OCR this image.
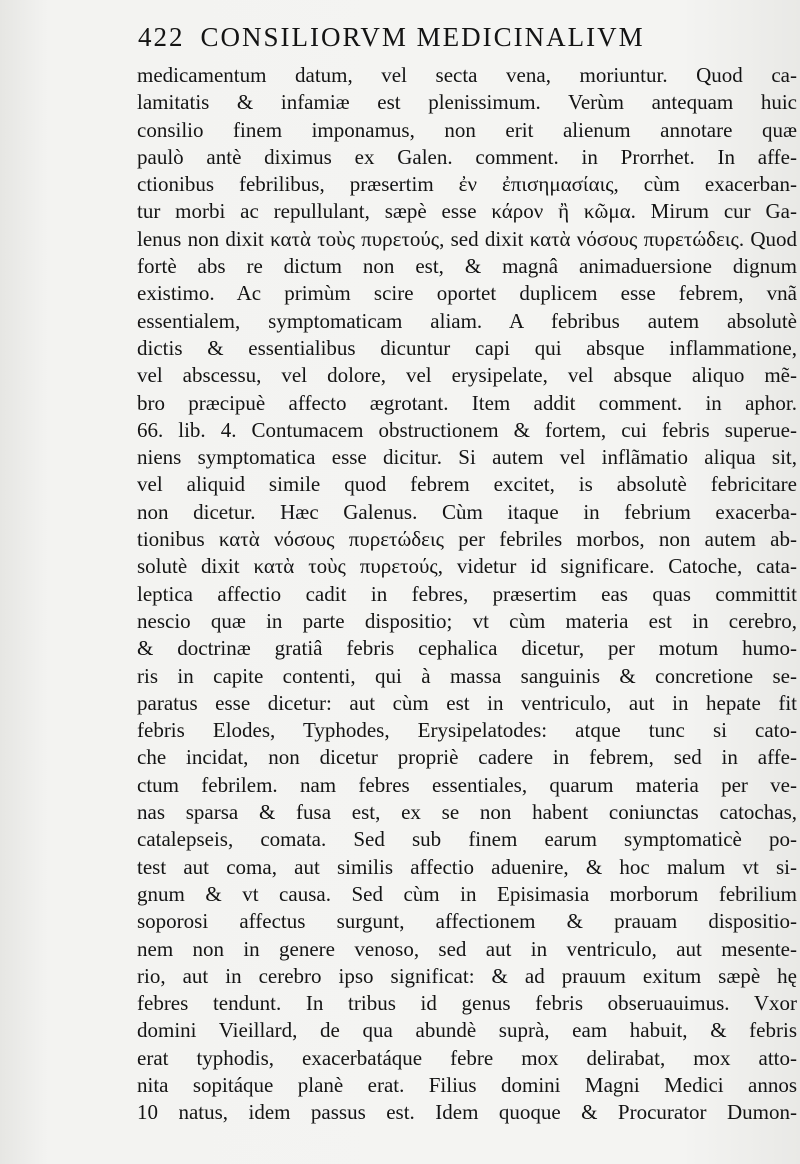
422 CONSILIORVM MEDICINALIVM
medicamentum datum, vel secta vena, moriuntur. Quod ca-
lamitatis & infamiæ est plenissimum. Verùm antequam huic
consilio finem imponamus, non erit alienum annotare quæ
paulò antè diximus ex Galen. comment. in Prorrhet. In affe-
ctionibus febrilibus, præsertim ἐν ἐπισημασίαις, cùm exacerban-
tur morbi ac repullulant, sæpè esse κάρον ἢ κῶμα. Mirum cur Ga-
lenus non dixit κατὰ τοὺς πυρετούς, sed dixit κατὰ νόσους πυρετώδεις. Quod
fortè abs re dictum non est, & magnâ animaduersione dignum
existimo. Ac primùm scire oportet duplicem esse febrem, vnã
essentialem, symptomaticam aliam. A febribus autem absolutè
dictis & essentialibus dicuntur capi qui absque inflammatione,
vel abscessu, vel dolore, vel erysipelate, vel absque aliquo mẽ-
bro præcipuè affecto ægrotant. Item addit comment. in aphor.
66. lib. 4. Contumacem obstructionem & fortem, cui febris superue-
niens symptomatica esse dicitur. Si autem vel inflãmatio aliqua sit,
vel aliquid simile quod febrem excitet, is absolutè febricitare
non dicetur. Hæc Galenus. Cùm itaque in febrium exacerba-
tionibus κατὰ νόσους πυρετώδεις per febriles morbos, non autem ab-
solutè dixit κατὰ τοὺς πυρετούς, videtur id significare. Catoche, cata-
leptica affectio cadit in febres, præsertim eas quas committit
nescio quæ in parte dispositio; vt cùm materia est in cerebro,
& doctrinæ gratiâ febris cephalica dicetur, per motum humo-
ris in capite contenti, qui à massa sanguinis & concretione se-
paratus esse dicetur: aut cùm est in ventriculo, aut in hepate fit
febris Elodes, Typhodes, Erysipelatodes: atque tunc si cato-
che incidat, non dicetur propriè cadere in febrem, sed in affe-
ctum febrilem. nam febres essentiales, quarum materia per ve-
nas sparsa & fusa est, ex se non habent coniunctas catochas,
catalepseis, comata. Sed sub finem earum symptomaticè po-
test aut coma, aut similis affectio aduenire, & hoc malum vt si-
gnum & vt causa. Sed cùm in Episimasia morborum febrilium
soporosi affectus surgunt, affectionem & prauam dispositio-
nem non in genere venoso, sed aut in ventriculo, aut mesente-
rio, aut in cerebro ipso significat: & ad prauum exitum sæpè hę
febres tendunt. In tribus id genus febris obseruauimus. Vxor
domini Vieillard, de qua abundè suprà, eam habuit, & febris
erat typhodis, exacerbatáque febre mox delirabat, mox atto-
nita sopitáque planè erat. Filius domini Magni Medici annos
10 natus, idem passus est. Idem quoque & Procurator Dumon-
